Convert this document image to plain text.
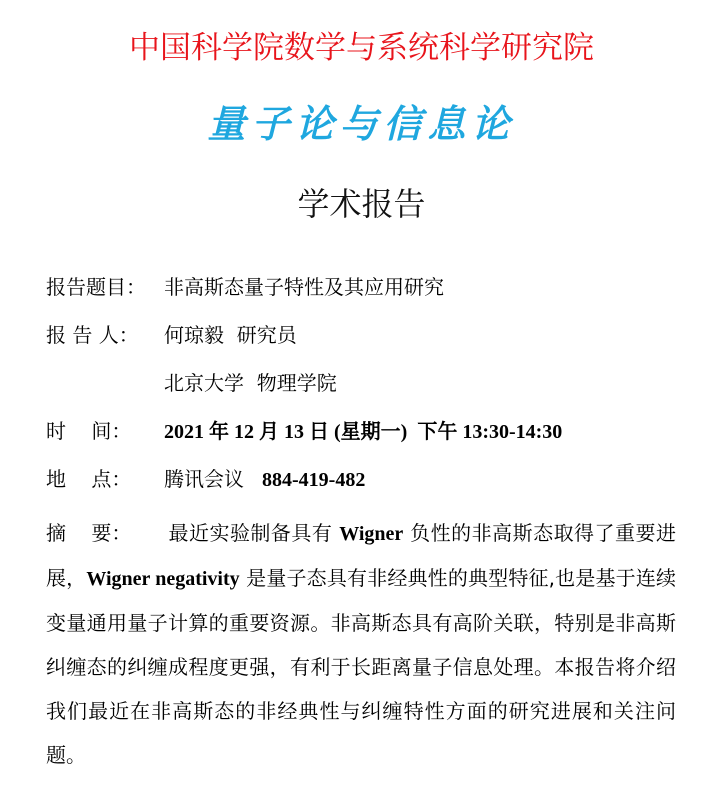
中国科学院数学与系统科学研究院
量子论与信息论
学术报告
报告题目： 非高斯态量子特性及其应用研究
报 告 人： 何琼毅  研究员
北京大学  物理学院
时    间： 2021 年 12 月 13 日 (星期一)  下午 13:30-14:30
地    点： 腾讯会议 884-419-482
摘    要： 最近实验制备具有 Wigner 负性的非高斯态取得了重要进展，Wigner negativity 是量子态具有非经典性的典型特征,也是基于连续变量通用量子计算的重要资源。非高斯态具有高阶关联，特别是非高斯纠缠态的纠缠成程度更强，有利于长距离量子信息处理。本报告将介绍我们最近在非高斯态的非经典性与纠缠特性方面的研究进展和关注问题。
